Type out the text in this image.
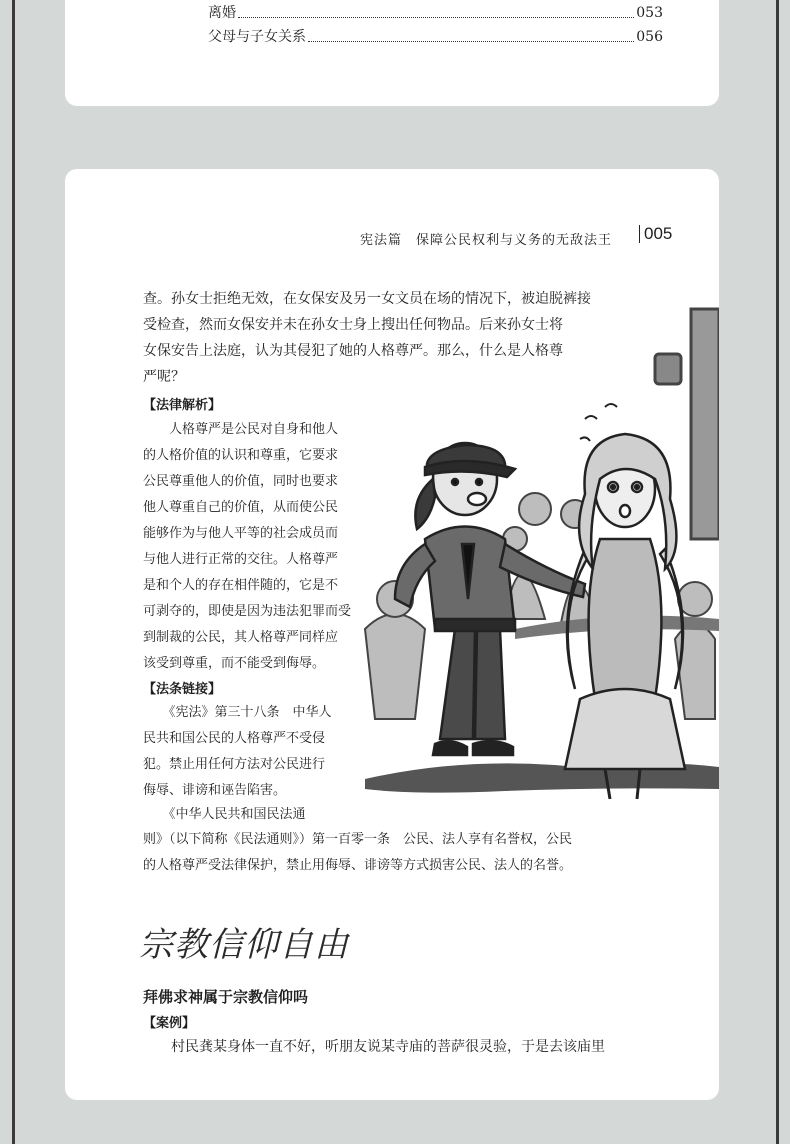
离婚	053
父母与子女关系	056
宪法篇　保障公民权利与义务的无敌法王	005
查。孙女士拒绝无效，在女保安及另一女文员在场的情况下，被迫脱裤接
受检查，然而女保安并未在孙女士身上搜出任何物品。后来孙女士将
女保安告上法庭，认为其侵犯了她的人格尊严。那么，什么是人格尊
严呢？
【法律解析】
　　人格尊严是公民对自身和他人
的人格价值的认识和尊重，它要求
公民尊重他人的价值，同时也要求
他人尊重自己的价值，从而使公民
能够作为与他人平等的社会成员而
与他人进行正常的交往。人格尊严
是和个人的存在相伴随的，它是不
可剥夺的，即使是因为违法犯罪而受
到制裁的公民，其人格尊严同样应
该受到尊重，而不能受到侮辱。
【法条链接】
　　《宪法》第三十八条　中华人
民共和国公民的人格尊严不受侵
犯。禁止用任何方法对公民进行
侮辱、诽谤和诬告陷害。
　　《中华人民共和国民法通
则》（以下简称《民法通则》）第一百零一条　公民、法人享有名誉权，公民
的人格尊严受法律保护，禁止用侮辱、诽谤等方式损害公民、法人的名誉。
宗教信仰自由
拜佛求神属于宗教信仰吗
【案例】
　　村民龚某身体一直不好，听朋友说某寺庙的菩萨很灵验，于是去该庙里
